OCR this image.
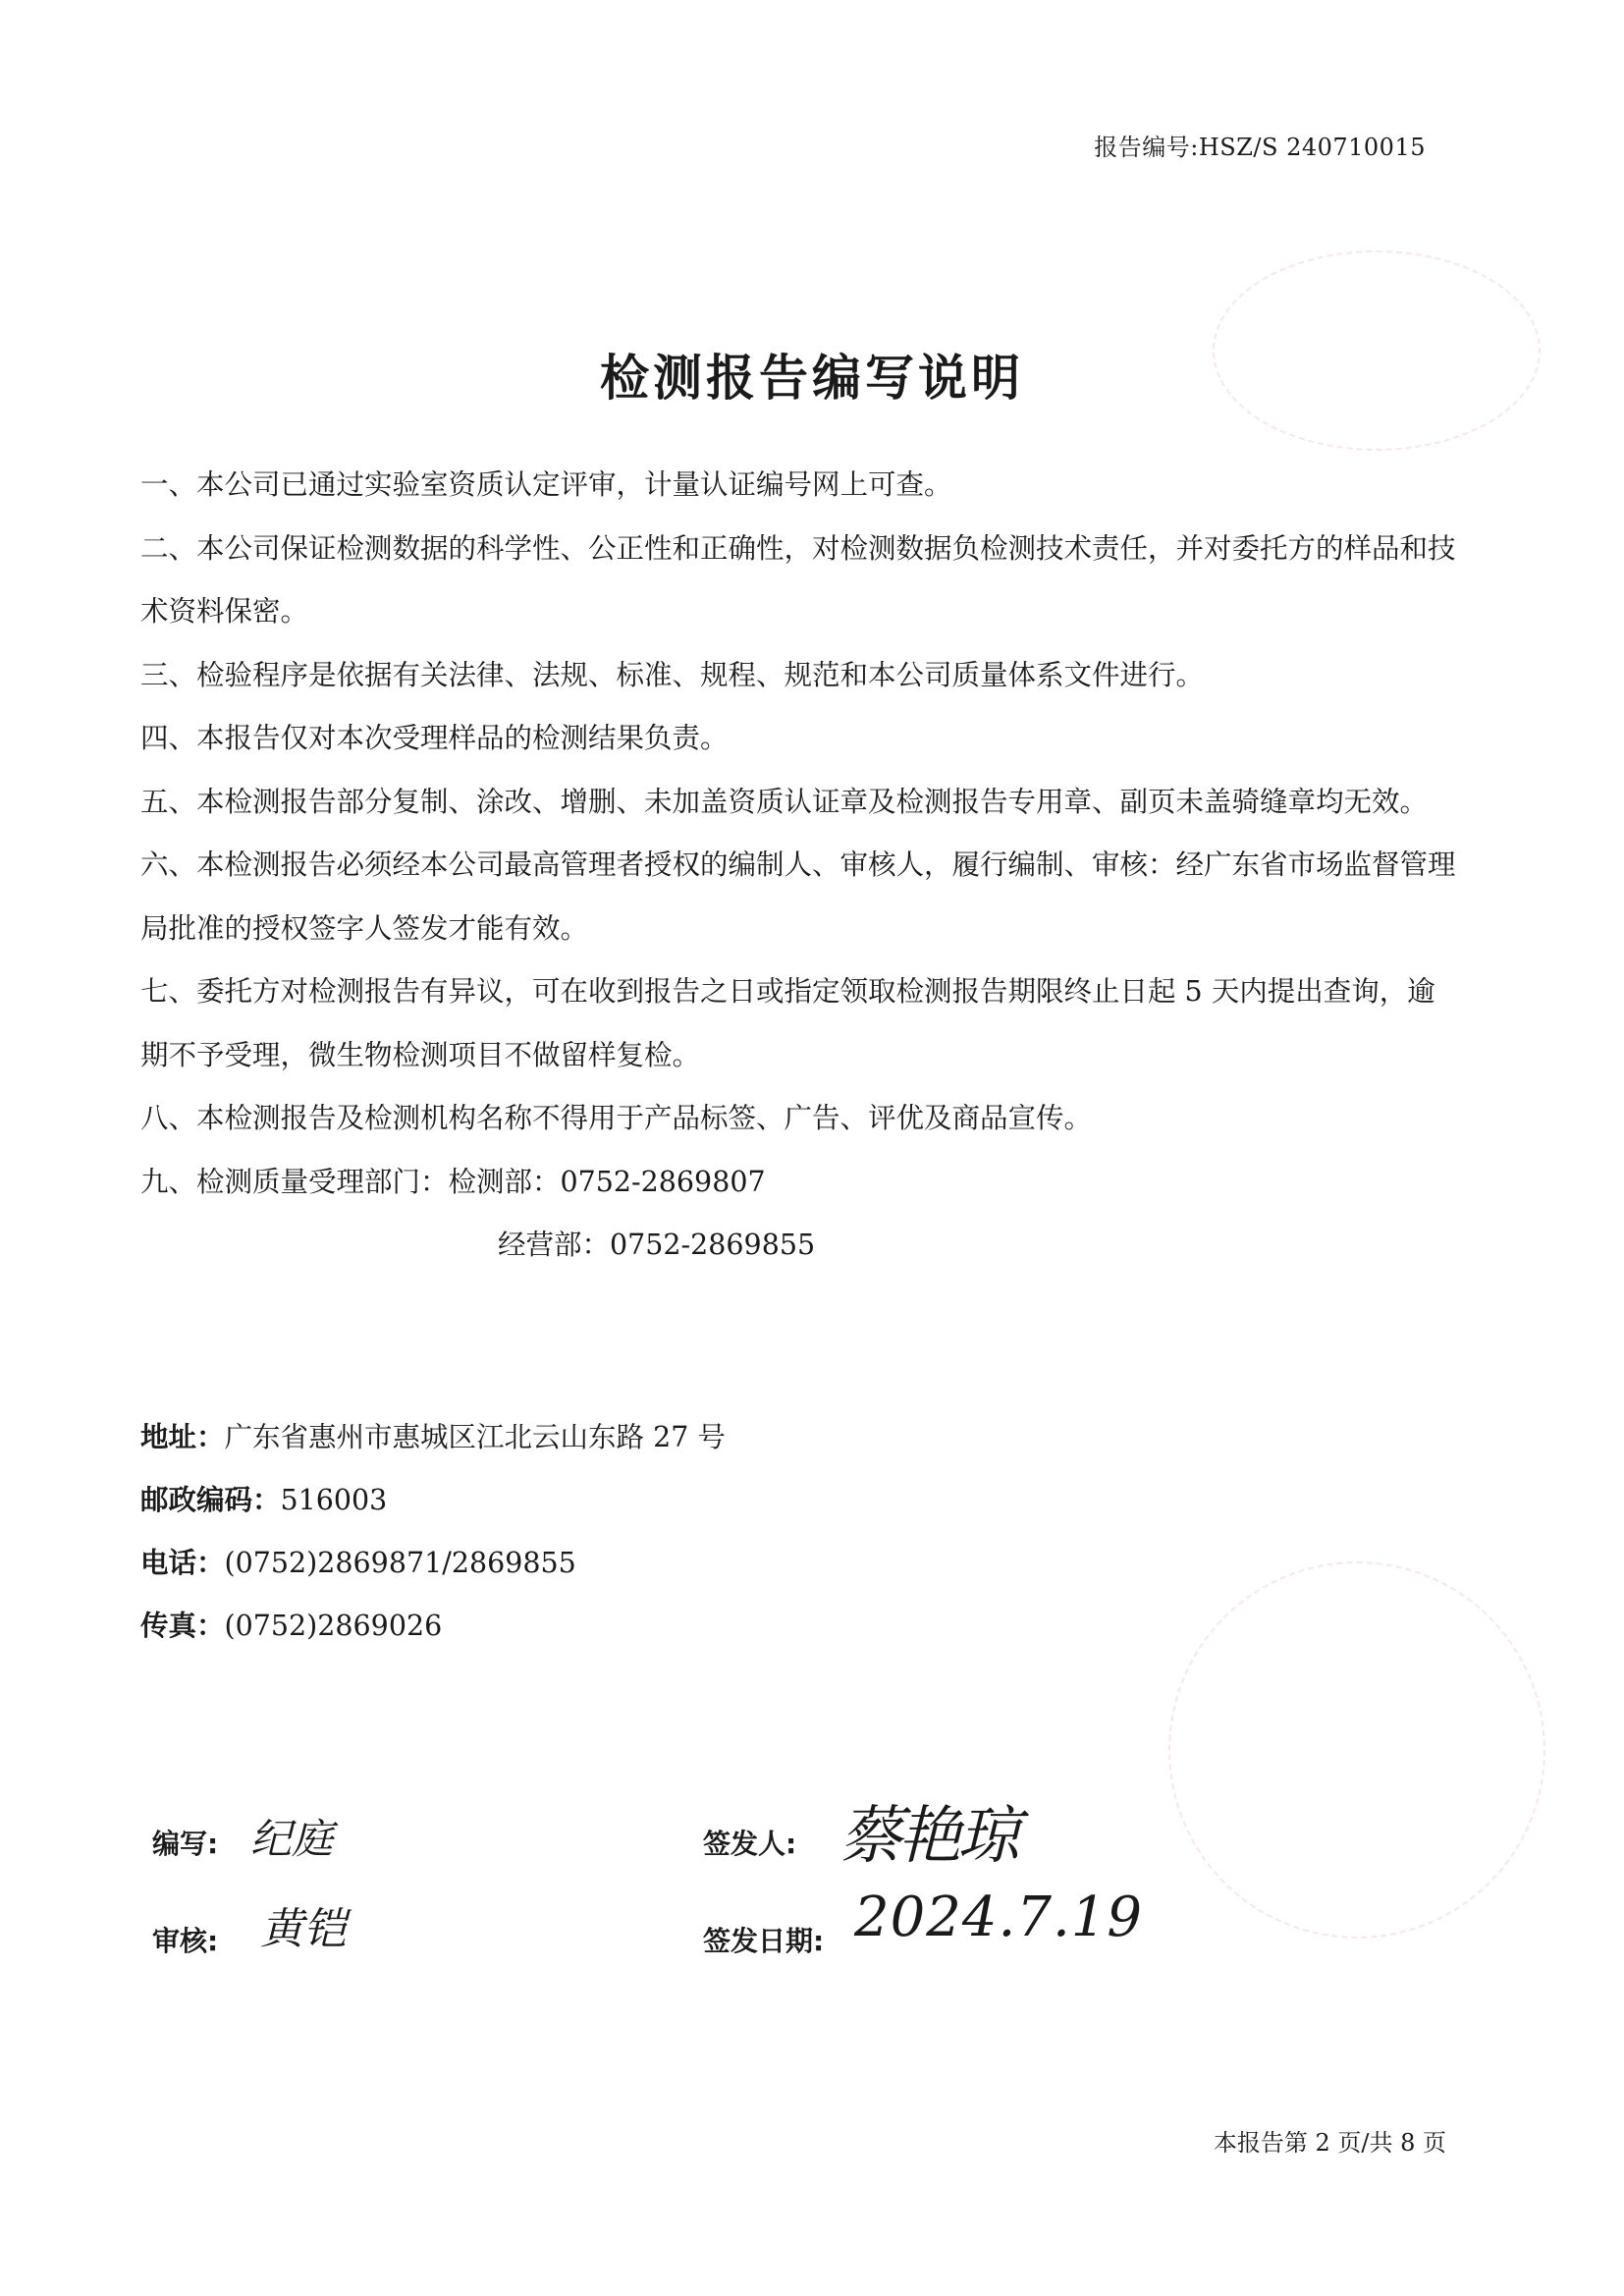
报告编号:HSZ/S 240710015
检测报告编写说明

一、本公司已通过实验室资质认定评审，计量认证编号网上可查。

二、本公司保证检测数据的科学性、公正性和正确性，对检测数据负检测技术责任，并对委托方的样品和技术资料保密。

三、检验程序是依据有关法律、法规、标准、规程、规范和本公司质量体系文件进行。

四、本报告仅对本次受理样品的检测结果负责。

五、本检测报告部分复制、涂改、增删、未加盖资质认证章及检测报告专用章、副页未盖骑缝章均无效。

六、本检测报告必须经本公司最高管理者授权的编制人、审核人，履行编制、审核：经广东省市场监督管理局批准的授权签字人签发才能有效。

七、委托方对检测报告有异议，可在收到报告之日或指定领取检测报告期限终止日起 5 天内提出查询，逾期不予受理，微生物检测项目不做留样复检。

八、本检测报告及检测机构名称不得用于产品标签、广告、评优及商品宣传。

九、检测质量受理部门：检测部：0752-2869807

经营部：0752-2869855

地址：广东省惠州市惠城区江北云山东路 27 号
邮政编码：516003
电话：(0752)2869871/2869855
传真：(0752)2869026
编写: 纪庭
审核: 黄铠
签发人: 蔡艳琼
签发日期: 2024.7.19
本报告第 2 页/共 8 页
